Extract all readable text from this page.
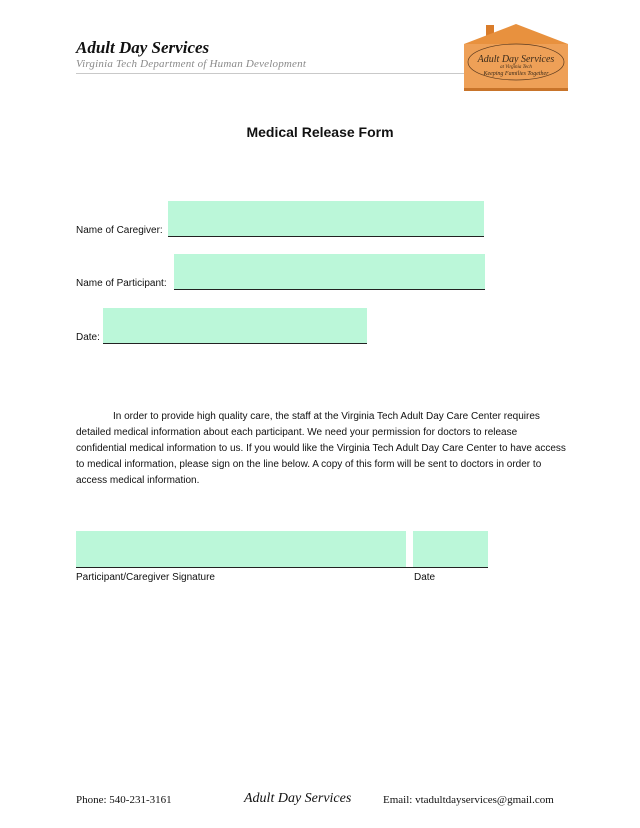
Adult Day Services
Virginia Tech Department of Human Development	Adult Day Services
at Virginia Tech
Keeping Families Together
Medical Release Form
Name of Caregiver:
Name of Participant:
Date:

In order to provide high quality care, the staff at the Virginia Tech Adult Day Care Center requires detailed medical information about each participant. We need your permission for doctors to release confidential medical information to us. If you would like the Virginia Tech Adult Day Care Center to have access to medical information, please sign on the line below. A copy of this form will be sent to doctors in order to access medical information.

Participant/Caregiver Signature	Date
Phone: 540-231-3161	Adult Day Services	Email: vtadultdayservices@gmail.com
